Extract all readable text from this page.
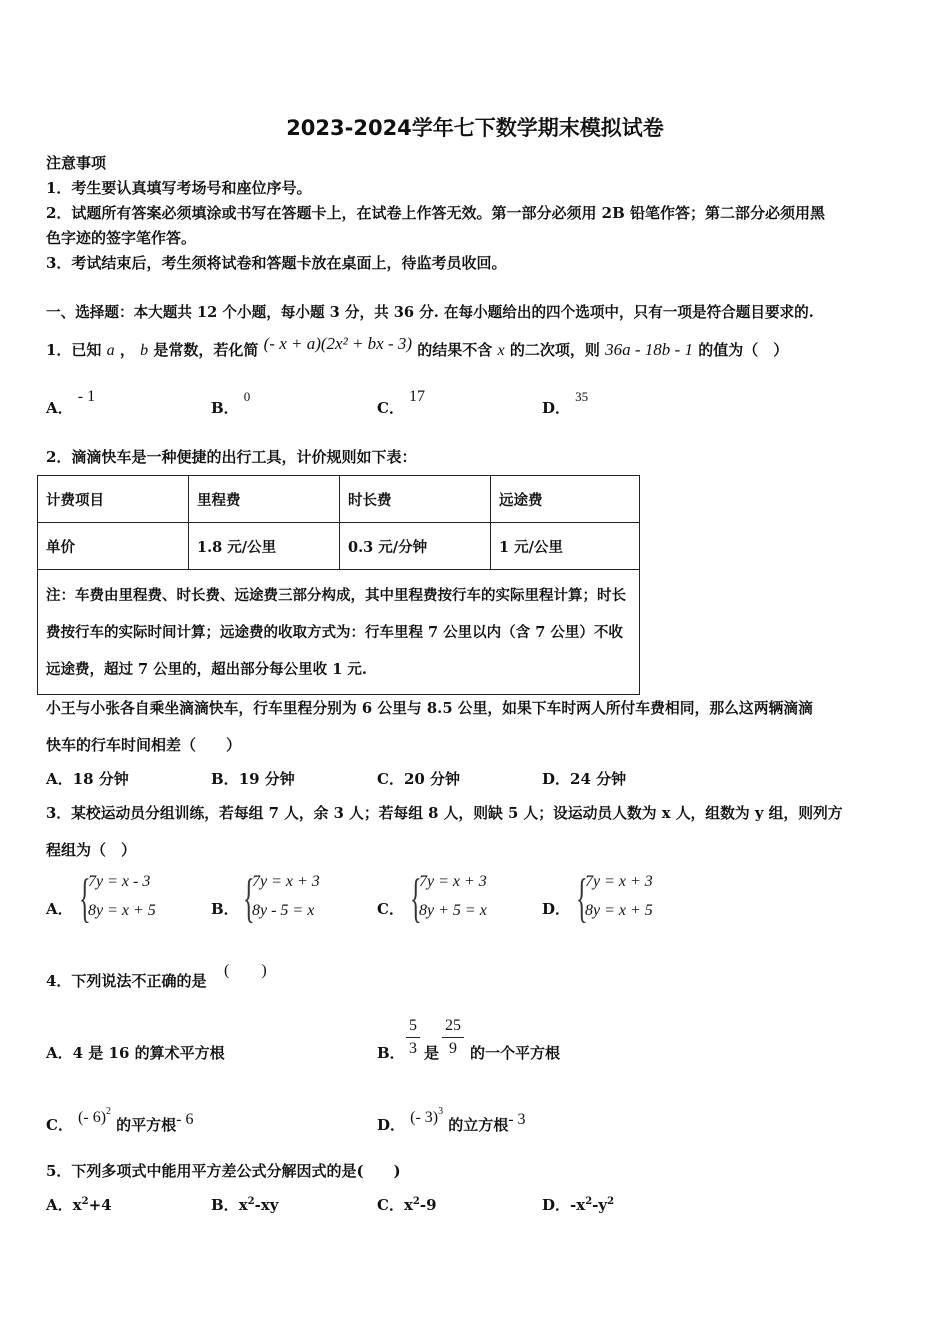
2023-2024学年七下数学期末模拟试卷
注意事项
1．考生要认真填写考场号和座位序号。
2．试题所有答案必须填涂或书写在答题卡上，在试卷上作答无效。第一部分必须用 2B 铅笔作答；第二部分必须用黑
色字迹的签字笔作答。
3．考试结束后，考生须将试卷和答题卡放在桌面上，待监考员收回。
一、选择题：本大题共 12 个小题，每小题 3 分，共 36 分. 在每小题给出的四个选项中，只有一项是符合题目要求的.
1．已知 a ， b 是常数，若化简 (- x + a)(2x² + bx - 3) 的结果不含 x 的二次项，则 36a - 18b - 1 的值为（　）
A． - 1
B． $^0$
C． 17
D． $^{35}$
2．滴滴快车是一种便捷的出行工具，计价规则如下表：
计费项目	里程费	时长费	远途费
单价	1.8 元/公里	0.3 元/分钟	1 元/公里
注：车费由里程费、时长费、远途费三部分构成，其中里程费按行车的实际里程计算；时长费按行车的实际时间计算；远途费的收取方式为：行车里程 7 公里以内（含 7 公里）不收远途费，超过 7 公里的，超出部分每公里收 1 元.			
小王与小张各自乘坐滴滴快车，行车里程分别为 6 公里与 8.5 公里，如果下车时两人所付车费相同，那么这两辆滴滴
快车的行车时间相差（　　）
A．18 分钟	B．19 分钟	C．20 分钟	D．24 分钟
3．某校运动员分组训练，若每组 7 人，余 3 人；若每组 8 人，则缺 5 人；设运动员人数为 x 人，组数为 y 组，则列方
程组为（　）
A． {
7y = x - 3
8y = x + 5	B． {
7y = x + 3
8y - 5 = x	C． {
7y = x + 3
8y + 5 = x	D． {
7y = x + 3
8y = x + 5
4．下列说法不正确的是
(　　)
A．4 是 16 的算术平方根	B．
5
3 是
25
9 的一个平方根
C． (- 6)$^2$ 的平方根- 6	D． (- 3)$^3$ 的立方根- 3
5．下列多项式中能用平方差公式分解因式的是(　　)
A．$x^2+4$	B．$x^2-xy$	C．$x^2-9$	D．$-x^2-y^2$
